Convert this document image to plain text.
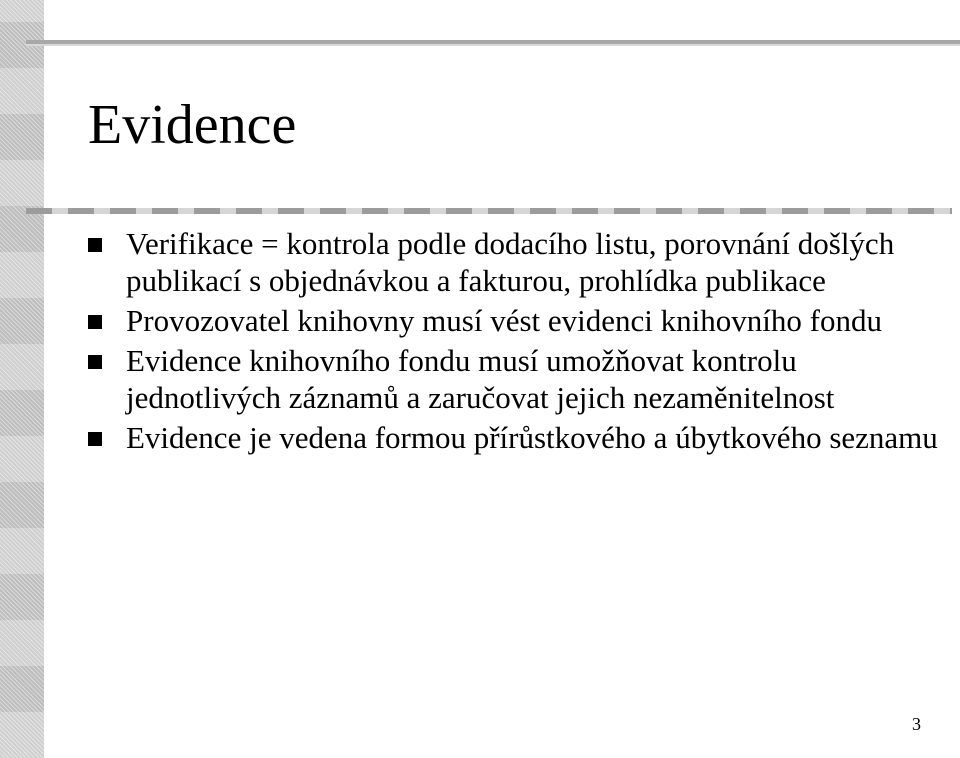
Evidence
Verifikace = kontrola podle dodacího listu, porovnání došlých publikací s objednávkou a fakturou, prohlídka publikace
Provozovatel knihovny musí vést evidenci knihovního fondu
Evidence knihovního fondu musí umožňovat kontrolu jednotlivých záznamů a zaručovat jejich nezaměnitelnost
Evidence je vedena formou přírůstkového a úbytkového seznamu
3
